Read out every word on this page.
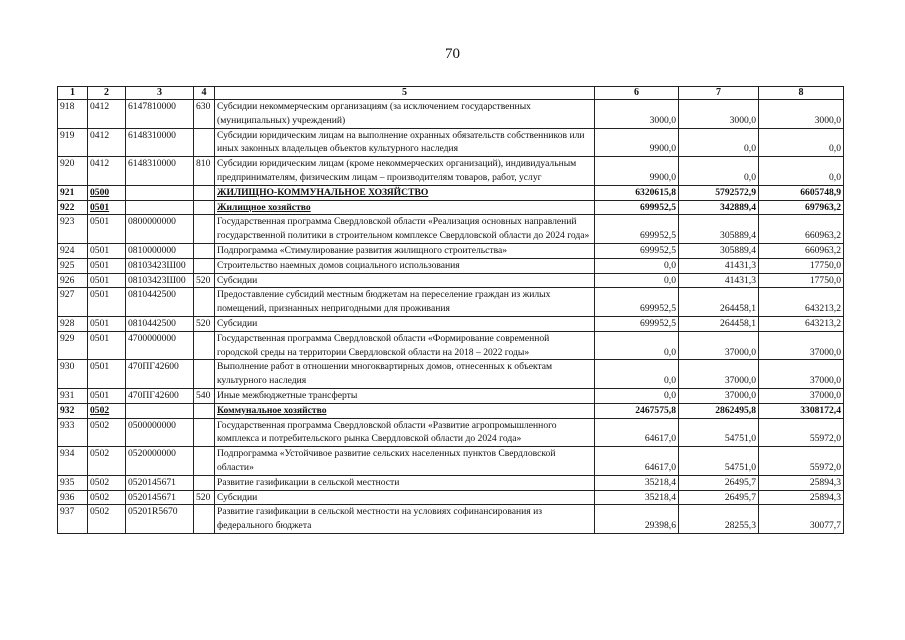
70
1	2	3	4	5	6	7	8
918	0412	6147810000	630	Субсидии некоммерческим организациям (за исключением государственных (муниципальных) учреждений)	3000,0	3000,0	3000,0
919	0412	6148310000		Субсидии юридическим лицам на выполнение охранных обязательств собственников или иных законных владельцев объектов культурного наследия	9900,0	0,0	0,0
920	0412	6148310000	810	Субсидии юридическим лицам (кроме некоммерческих организаций), индивидуальным предпринимателям, физическим лицам – производителям товаров, работ, услуг	9900,0	0,0	0,0
921	0500			ЖИЛИЩНО-КОММУНАЛЬНОЕ ХОЗЯЙСТВО	6320615,8	5792572,9	6605748,9
922	0501			Жилищное хозяйство	699952,5	342889,4	697963,2
923	0501	0800000000		Государственная программа Свердловской области «Реализация основных направлений государственной политики в строительном комплексе Свердловской области до 2024 года»	699952,5	305889,4	660963,2
924	0501	0810000000		Подпрограмма «Стимулирование развития жилищного строительства»	699952,5	305889,4	660963,2
925	0501	08103423Ш00		Строительство наемных домов социального использования	0,0	41431,3	17750,0
926	0501	08103423Ш00	520	Субсидии	0,0	41431,3	17750,0
927	0501	0810442500		Предоставление субсидий местным бюджетам на переселение граждан из жилых помещений, признанных непригодными для проживания	699952,5	264458,1	643213,2
928	0501	0810442500	520	Субсидии	699952,5	264458,1	643213,2
929	0501	4700000000		Государственная программа Свердловской области «Формирование современной городской среды на территории Свердловской области на 2018 – 2022 годы»	0,0	37000,0	37000,0
930	0501	470ПГ42600		Выполнение работ в отношении многоквартирных домов, отнесенных к объектам культурного наследия	0,0	37000,0	37000,0
931	0501	470ПГ42600	540	Иные межбюджетные трансферты	0,0	37000,0	37000,0
932	0502			Коммунальное хозяйство	2467575,8	2862495,8	3308172,4
933	0502	0500000000		Государственная программа Свердловской области «Развитие агропромышленного комплекса и потребительского рынка Свердловской области до 2024 года»	64617,0	54751,0	55972,0
934	0502	0520000000		Подпрограмма «Устойчивое развитие сельских населенных пунктов Свердловской области»	64617,0	54751,0	55972,0
935	0502	0520145671		Развитие газификации в сельской местности	35218,4	26495,7	25894,3
936	0502	0520145671	520	Субсидии	35218,4	26495,7	25894,3
937	0502	05201R5670		Развитие газификации в сельской местности на условиях софинансирования из федерального бюджета	29398,6	28255,3	30077,7
